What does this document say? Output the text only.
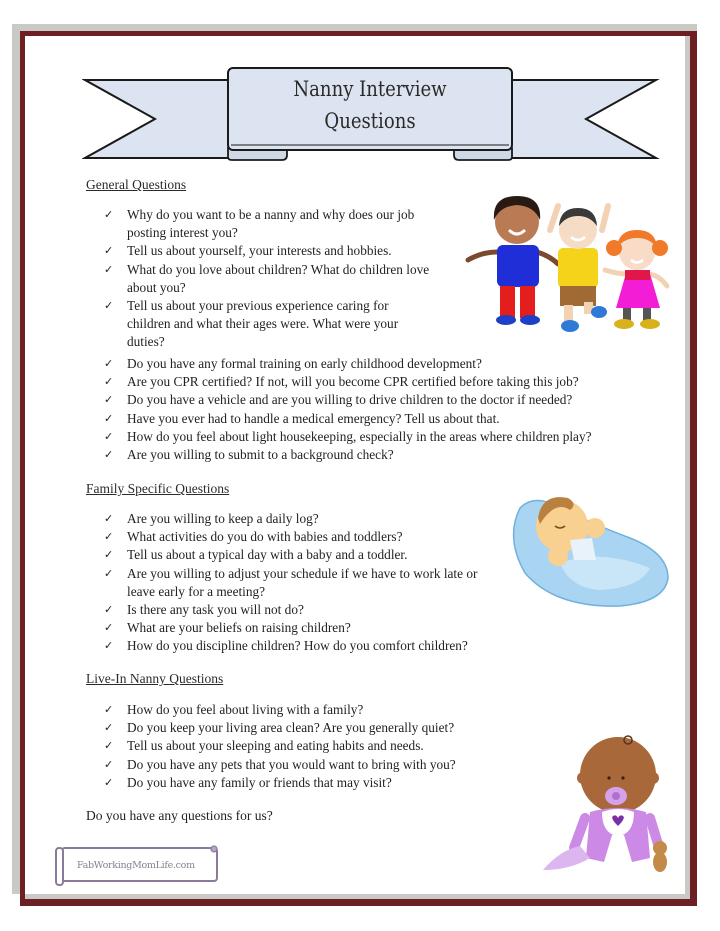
Nanny Interview
Questions
General Questions
✓ Why do you want to be a nanny and why does our job posting interest you?
✓ Tell us about yourself, your interests and hobbies.
✓ What do you love about children? What do children love about you?
✓ Tell us about your previous experience caring for children and what their ages were. What were your duties?
✓ Do you have any formal training on early childhood development?
✓ Are you CPR certified? If not, will you become CPR certified before taking this job?
✓ Do you have a vehicle and are you willing to drive children to the doctor if needed?
✓ Have you ever had to handle a medical emergency? Tell us about that.
✓ How do you feel about light housekeeping, especially in the areas where children play?
✓ Are you willing to submit to a background check?
Family Specific Questions
✓ Are you willing to keep a daily log?
✓ What activities do you do with babies and toddlers?
✓ Tell us about a typical day with a baby and a toddler.
✓ Are you willing to adjust your schedule if we have to work late or leave early for a meeting?
✓ Is there any task you will not do?
✓ What are your beliefs on raising children?
✓ How do you discipline children? How do you comfort children?
Live-In Nanny Questions
✓ How do you feel about living with a family?
✓ Do you keep your living area clean? Are you generally quiet?
✓ Tell us about your sleeping and eating habits and needs.
✓ Do you have any pets that you would want to bring with you?
✓ Do you have any family or friends that may visit?
Do you have any questions for us?
FabWorkingMomLife.com
